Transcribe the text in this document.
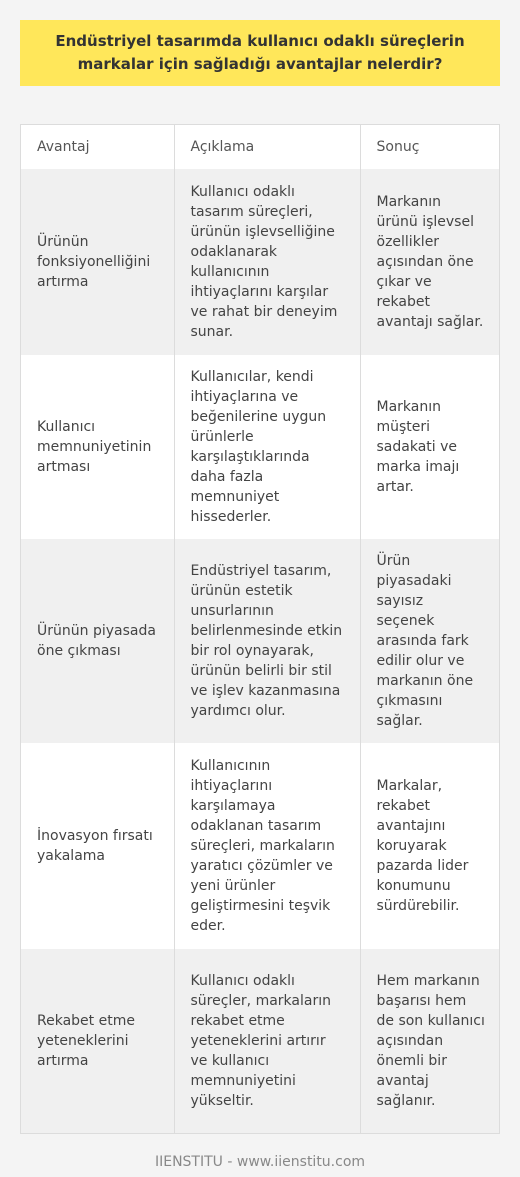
Endüstriyel tasarımda kullanıcı odaklı süreçlerin markalar için sağladığı avantajlar nelerdir?
Avantaj	Açıklama	Sonuç
Ürünün fonksiyonelliğini artırma	Kullanıcı odaklı tasarım süreçleri, ürünün işlevselliğine odaklanarak kullanıcının ihtiyaçlarını karşılar ve rahat bir deneyim sunar.	Markanın ürünü işlevsel özellikler açısından öne çıkar ve rekabet avantajı sağlar.
Kullanıcı memnuniyetinin artması	Kullanıcılar, kendi ihtiyaçlarına ve beğenilerine uygun ürünlerle karşılaştıklarında daha fazla memnuniyet hissederler.	Markanın müşteri sadakati ve marka imajı artar.
Ürünün piyasada öne çıkması	Endüstriyel tasarım, ürünün estetik unsurlarının belirlenmesinde etkin bir rol oynayarak, ürünün belirli bir stil ve işlev kazanmasına yardımcı olur.	Ürün piyasadaki sayısız seçenek arasında fark edilir olur ve markanın öne çıkmasını sağlar.
İnovasyon fırsatı yakalama	Kullanıcının ihtiyaçlarını karşılamaya odaklanan tasarım süreçleri, markaların yaratıcı çözümler ve yeni ürünler geliştirmesini teşvik eder.	Markalar, rekabet avantajını koruyarak pazarda lider konumunu sürdürebilir.
Rekabet etme yeteneklerini artırma	Kullanıcı odaklı süreçler, markaların rekabet etme yeteneklerini artırır ve kullanıcı memnuniyetini yükseltir.	Hem markanın başarısı hem de son kullanıcı açısından önemli bir avantaj sağlanır.
IIENSTITU - www.iienstitu.com
